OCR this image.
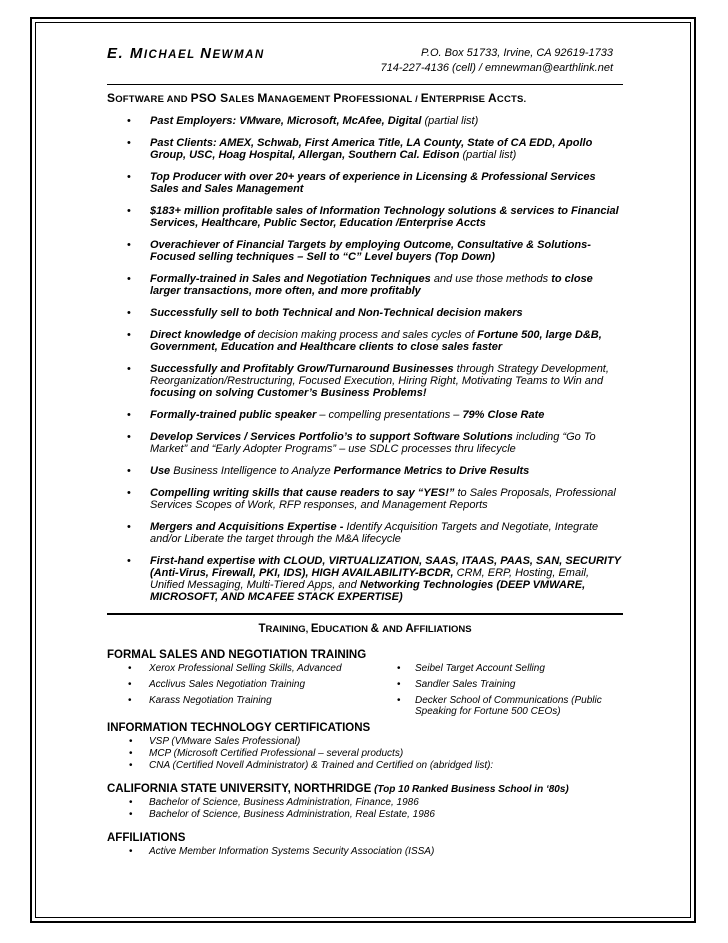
E. MICHAEL NEWMAN	P.O. Box 51733, Irvine, CA 92619-1733
714-227-4136 (cell) / emnewman@earthlink.net
SOFTWARE AND PSO SALES MANAGEMENT PROFESSIONAL / ENTERPRISE ACCTS.
• Past Employers: VMware, Microsoft, McAfee, Digital (partial list)
• Past Clients: AMEX, Schwab, First America Title, LA County, State of CA EDD, Apollo Group, USC, Hoag Hospital, Allergan, Southern Cal. Edison (partial list)
• Top Producer with over 20+ years of experience in Licensing & Professional Services Sales and Sales Management
• $183+ million profitable sales of Information Technology solutions & services to Financial Services, Healthcare, Public Sector, Education /Enterprise Accts
• Overachiever of Financial Targets by employing Outcome, Consultative & Solutions-Focused selling techniques – Sell to “C” Level buyers (Top Down)
• Formally-trained in Sales and Negotiation Techniques and use those methods to close larger transactions, more often, and more profitably
• Successfully sell to both Technical and Non-Technical decision makers
• Direct knowledge of decision making process and sales cycles of Fortune 500, large D&B, Government, Education and Healthcare clients to close sales faster
• Successfully and Profitably Grow/Turnaround Businesses through Strategy Development, Reorganization/Restructuring, Focused Execution, Hiring Right, Motivating Teams to Win and focusing on solving Customer’s Business Problems!
• Formally-trained public speaker – compelling presentations – 79% Close Rate
• Develop Services / Services Portfolio’s to support Software Solutions including “Go To Market” and “Early Adopter Programs” – use SDLC processes thru lifecycle
• Use Business Intelligence to Analyze Performance Metrics to Drive Results
• Compelling writing skills that cause readers to say “YES!” to Sales Proposals, Professional Services Scopes of Work, RFP responses, and Management Reports
• Mergers and Acquisitions Expertise - Identify Acquisition Targets and Negotiate, Integrate and/or Liberate the target through the M&A lifecycle
• First-hand expertise with CLOUD, VIRTUALIZATION, SAAS, ITAAS, PAAS, SAN, SECURITY (Anti-Virus, Firewall, PKI, IDS), HIGH AVAILABILITY-BCDR, CRM, ERP, Hosting, Email, Unified Messaging, Multi-Tiered Apps, and Networking Technologies (DEEP VMWARE, MICROSOFT, AND MCAFEE STACK EXPERTISE)
TRAINING, EDUCATION & AND AFFILIATIONS
FORMAL SALES AND NEGOTIATION TRAINING
• Xerox Professional Selling Skills, Advanced
• Acclivus Sales Negotiation Training
• Karass Negotiation Training
• Seibel Target Account Selling
• Sandler Sales Training
• Decker School of Communications (Public Speaking for Fortune 500 CEOs)
INFORMATION TECHNOLOGY CERTIFICATIONS
• VSP (VMware Sales Professional)
• MCP (Microsoft Certified Professional – several products)
• CNA (Certified Novell Administrator) & Trained and Certified on (abridged list):
CALIFORNIA STATE UNIVERSITY, NORTHRIDGE (Top 10 Ranked Business School in ‘80s)
• Bachelor of Science, Business Administration, Finance, 1986
• Bachelor of Science, Business Administration, Real Estate, 1986
AFFILIATIONS
• Active Member Information Systems Security Association (ISSA)
